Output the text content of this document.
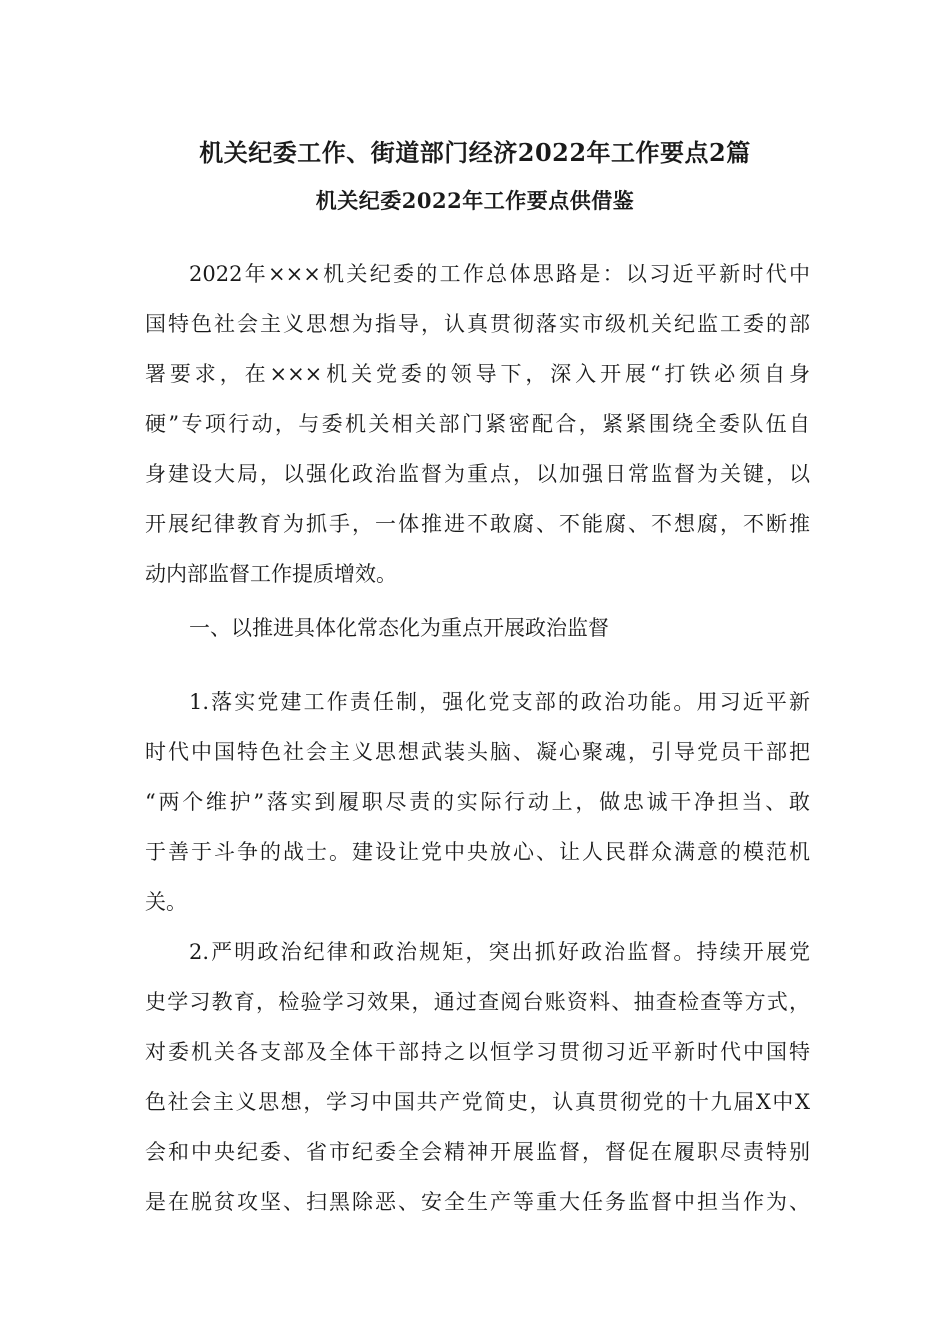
机关纪委工作、街道部门经济2022年工作要点2篇
机关纪委2022年工作要点供借鉴
2022年×××机关纪委的工作总体思路是：以习近平新时代中
国特色社会主义思想为指导，认真贯彻落实市级机关纪监工委的部
署要求，在×××机关党委的领导下，深入开展“打铁必须自身
硬”专项行动，与委机关相关部门紧密配合，紧紧围绕全委队伍自
身建设大局，以强化政治监督为重点，以加强日常监督为关键，以
开展纪律教育为抓手，一体推进不敢腐、不能腐、不想腐，不断推
动内部监督工作提质增效。
一、以推进具体化常态化为重点开展政治监督
1.落实党建工作责任制，强化党支部的政治功能。用习近平新
时代中国特色社会主义思想武装头脑、凝心聚魂，引导党员干部把
“两个维护”落实到履职尽责的实际行动上，做忠诚干净担当、敢
于善于斗争的战士。建设让党中央放心、让人民群众满意的模范机
关。
2.严明政治纪律和政治规矩，突出抓好政治监督。持续开展党
史学习教育，检验学习效果，通过查阅台账资料、抽查检查等方式，
对委机关各支部及全体干部持之以恒学习贯彻习近平新时代中国特
色社会主义思想，学习中国共产党简史，认真贯彻党的十九届X中X
会和中央纪委、省市纪委全会精神开展监督，督促在履职尽责特别
是在脱贫攻坚、扫黑除恶、安全生产等重大任务监督中担当作为、
